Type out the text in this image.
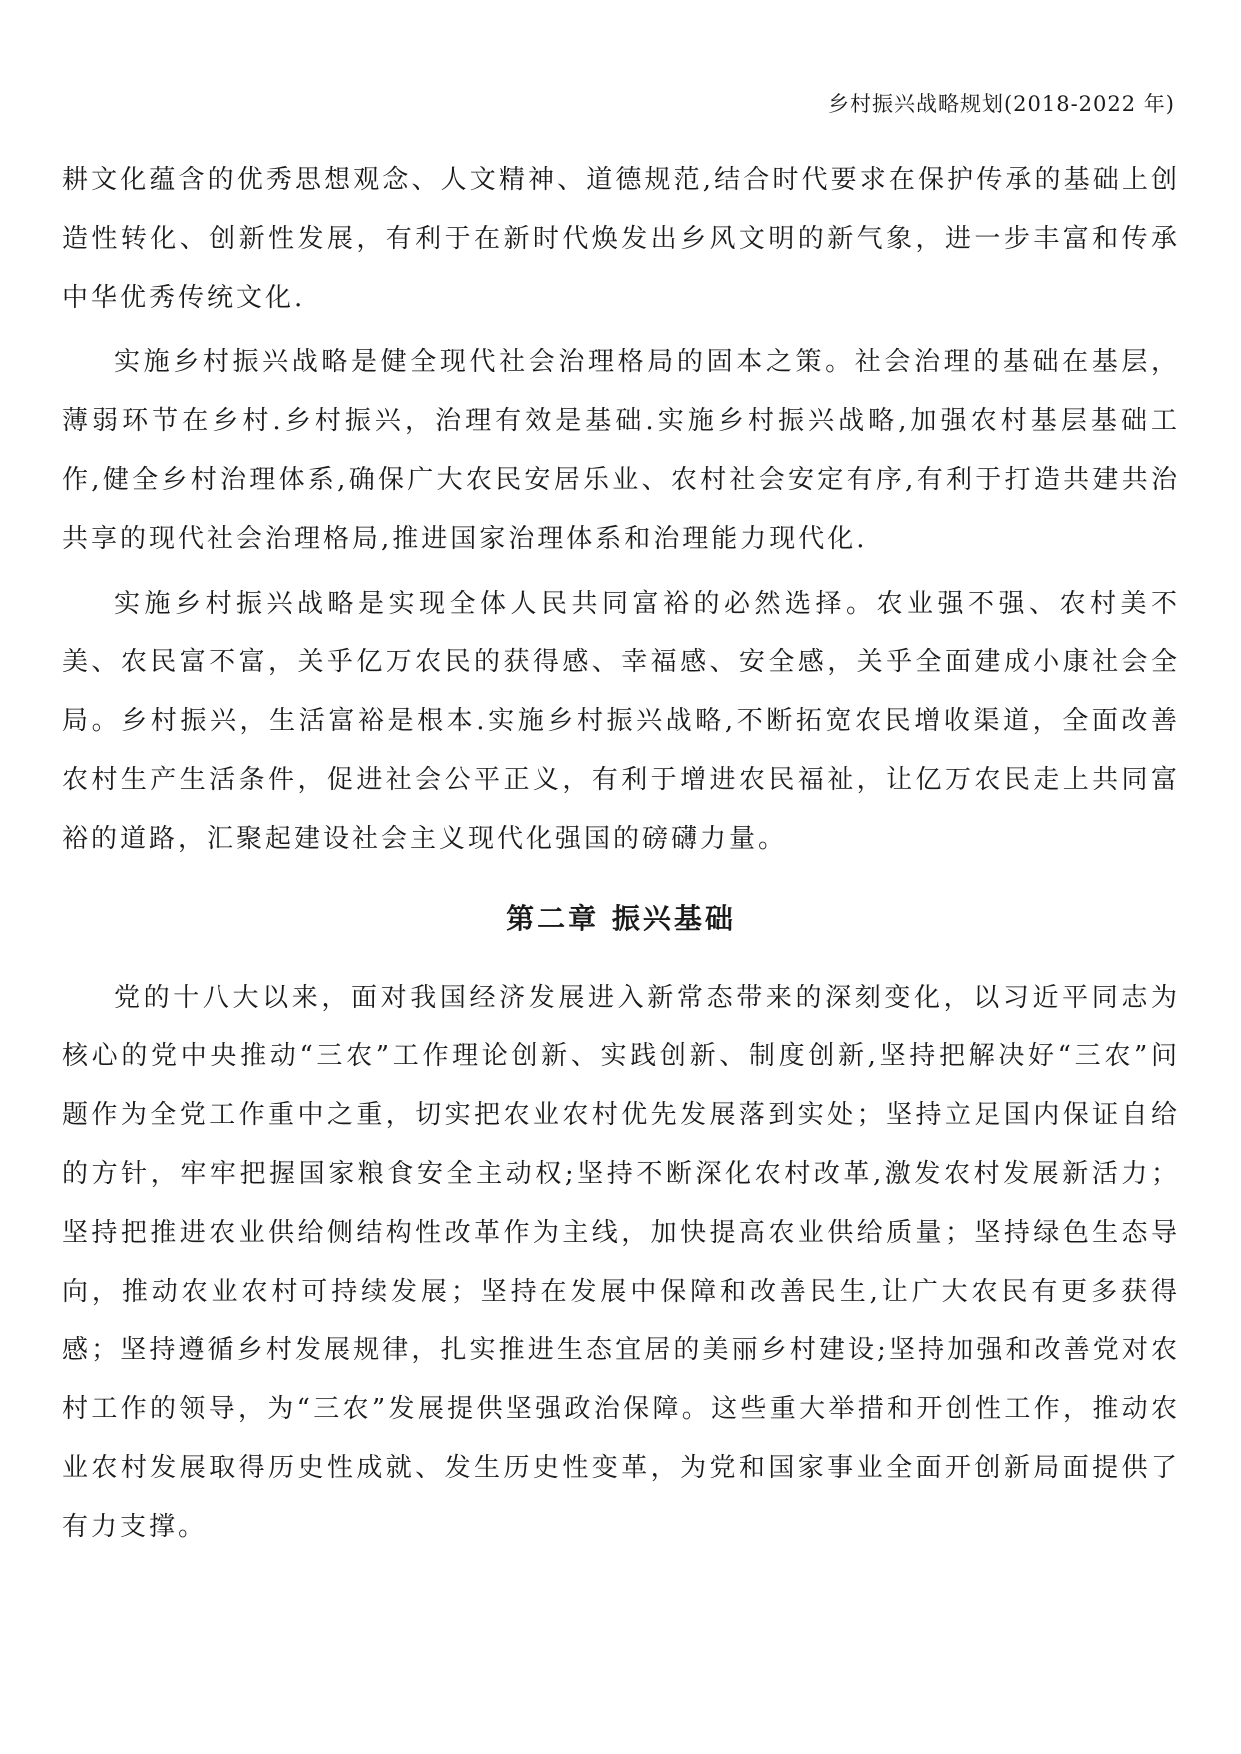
乡村振兴战略规划(2018-2022 年)

耕文化蕴含的优秀思想观念、人文精神、道德规范,结合时代要求在保护传承的基础上创造性转化、创新性发展，有利于在新时代焕发出乡风文明的新气象，进一步丰富和传承中华优秀传统文化.

实施乡村振兴战略是健全现代社会治理格局的固本之策。社会治理的基础在基层，薄弱环节在乡村.乡村振兴，治理有效是基础.实施乡村振兴战略,加强农村基层基础工作,健全乡村治理体系,确保广大农民安居乐业、农村社会安定有序,有利于打造共建共治共享的现代社会治理格局,推进国家治理体系和治理能力现代化.

实施乡村振兴战略是实现全体人民共同富裕的必然选择。农业强不强、农村美不美、农民富不富，关乎亿万农民的获得感、幸福感、安全感，关乎全面建成小康社会全局。乡村振兴，生活富裕是根本.实施乡村振兴战略,不断拓宽农民增收渠道，全面改善农村生产生活条件，促进社会公平正义，有利于增进农民福祉，让亿万农民走上共同富裕的道路，汇聚起建设社会主义现代化强国的磅礴力量。

第二章 振兴基础

党的十八大以来，面对我国经济发展进入新常态带来的深刻变化，以习近平同志为核心的党中央推动“三农”工作理论创新、实践创新、制度创新,坚持把解决好“三农”问题作为全党工作重中之重，切实把农业农村优先发展落到实处；坚持立足国内保证自给的方针，牢牢把握国家粮食安全主动权;坚持不断深化农村改革,激发农村发展新活力；坚持把推进农业供给侧结构性改革作为主线，加快提高农业供给质量；坚持绿色生态导向，推动农业农村可持续发展；坚持在发展中保障和改善民生,让广大农民有更多获得感；坚持遵循乡村发展规律，扎实推进生态宜居的美丽乡村建设;坚持加强和改善党对农村工作的领导，为“三农”发展提供坚强政治保障。这些重大举措和开创性工作，推动农业农村发展取得历史性成就、发生历史性变革，为党和国家事业全面开创新局面提供了有力支撑。
